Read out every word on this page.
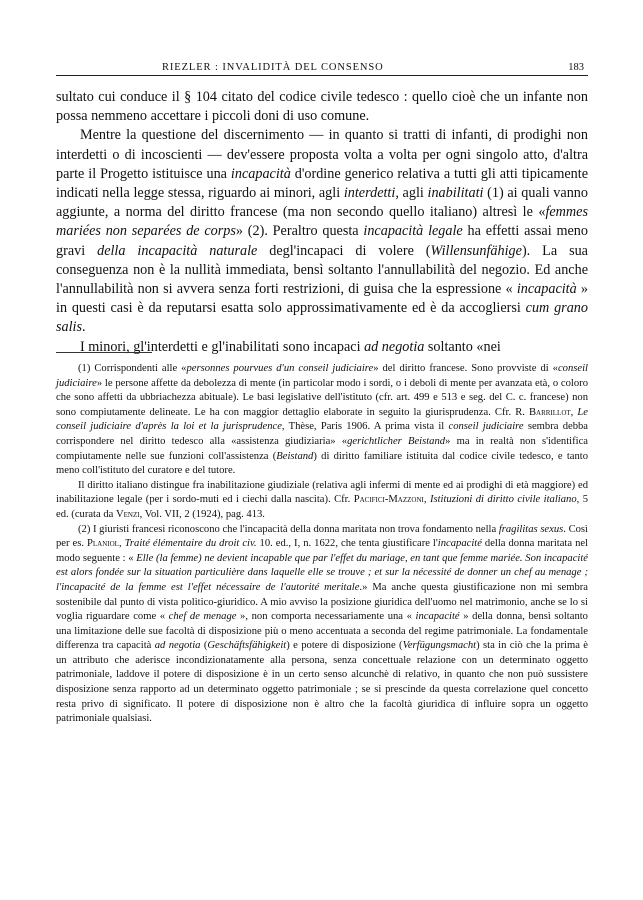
RIEZLER : INVALIDITÀ DEL CONSENSO	183

sultato cui conduce il § 104 citato del codice civile tedesco : quello cioè che un infante non possa nemmeno accettare i piccoli doni di uso comune.

Mentre la questione del discernimento — in quanto si tratti di infanti, di prodighi non interdetti o di incoscienti — dev'essere proposta volta a volta per ogni singolo atto, d'altra parte il Progetto istituisce una incapacità d'ordine generico relativa a tutti gli atti tipicamente indicati nella legge stessa, riguardo ai minori, agli interdetti, agli inabilitati (1) ai quali vanno aggiunte, a norma del diritto francese (ma non secondo quello italiano) altresì le «femmes mariées non separées de corps» (2). Peraltro questa incapacità legale ha effetti assai meno gravi della incapacità naturale degl'incapaci di volere (Willensunfähige). La sua conseguenza non è la nullità immediata, bensì soltanto l'annullabilità del negozio. Ed anche l'annullabilità non si avvera senza forti restrizioni, di guisa che la espressione « incapacità » in questi casi è da reputarsi esatta solo approssimativamente ed è da accogliersi cum grano salis.

I minori, gl'interdetti e gl'inabilitati sono incapaci ad negotia soltanto «nei

(1) Corrispondenti alle «personnes pourvues d'un conseil judiciaire» del diritto francese. Sono provviste di «conseil judiciaire» le persone affette da debolezza di mente (in particolar modo i sordi, o i deboli di mente per avanzata età, o coloro che sono affetti da ubbriachezza abituale). Le basi legislative dell'istituto (cfr. art. 499 e 513 e seg. del C. c. francese) non sono compiutamente delineate. Le ha con maggior dettaglio elaborate in seguito la giurisprudenza. Cfr. R. Barrillot, Le conseil judiciaire d'après la loi et la jurisprudence, Thèse, Paris 1906. A prima vista il conseil judiciaire sembra debba corrispondere nel diritto tedesco alla «assistenza giudiziaria» «gerichtlicher Beistand» ma in realtà non s'identifica compiutamente nelle sue funzioni coll'assistenza (Beistand) di diritto familiare istituita dal codice civile tedesco, e tanto meno coll'istituto del curatore e del tutore.

Il diritto italiano distingue fra inabilitazione giudiziale (relativa agli infermi di mente ed ai prodighi di età maggiore) ed inabilitazione legale (per i sordo-muti ed i ciechi dalla nascita). Cfr. Pacifici-Mazzoni, Istituzioni di diritto civile italiano, 5 ed. (curata da Venzi, Vol. VII, 2 (1924), pag. 413.

(2) I giuristi francesi riconoscono che l'incapacità della donna maritata non trova fondamento nella fragilitas sexus. Così per es. Planiol, Traité élémentaire du droit civ. 10. ed., I, n. 1622, che tenta giustificare l'incapacité della donna maritata nel modo seguente : « Elle (la femme) ne devient incapable que par l'effet du mariage, en tant que femme mariée. Son incapacité est alors fondée sur la situation particulière dans laquelle elle se trouve ; et sur la nécessité de donner un chef au menage ; l'incapacité de la femme est l'effet nécessaire de l'autorité meritale.» Ma anche questa giustificazione non mi sembra sostenibile dal punto di vista politico-giuridico. A mio avviso la posizione giuridica dell'uomo nel matrimonio, anche se lo si voglia riguardare come « chef de menage », non comporta necessariamente una « incapacité » della donna, bensì soltanto una limitazione delle sue facoltà di disposizione più o meno accentuata a seconda del regime patrimoniale. La fondamentale differenza tra capacità ad negotia (Geschäftsfähigkeit) e potere di disposizione (Verfügungsmacht) sta in ciò che la prima è un attributo che aderisce incondizionatamente alla persona, senza concettuale relazione con un determinato oggetto patrimoniale, laddove il potere di disposizione è in un certo senso alcunchè di relativo, in quanto che non può sussistere disposizione senza rapporto ad un determinato oggetto patrimoniale ; se si prescinde da questa correlazione quel concetto resta privo di significato. Il potere di disposizione non è altro che la facoltà giuridica di influire sopra un oggetto patrimoniale qualsiasi.
